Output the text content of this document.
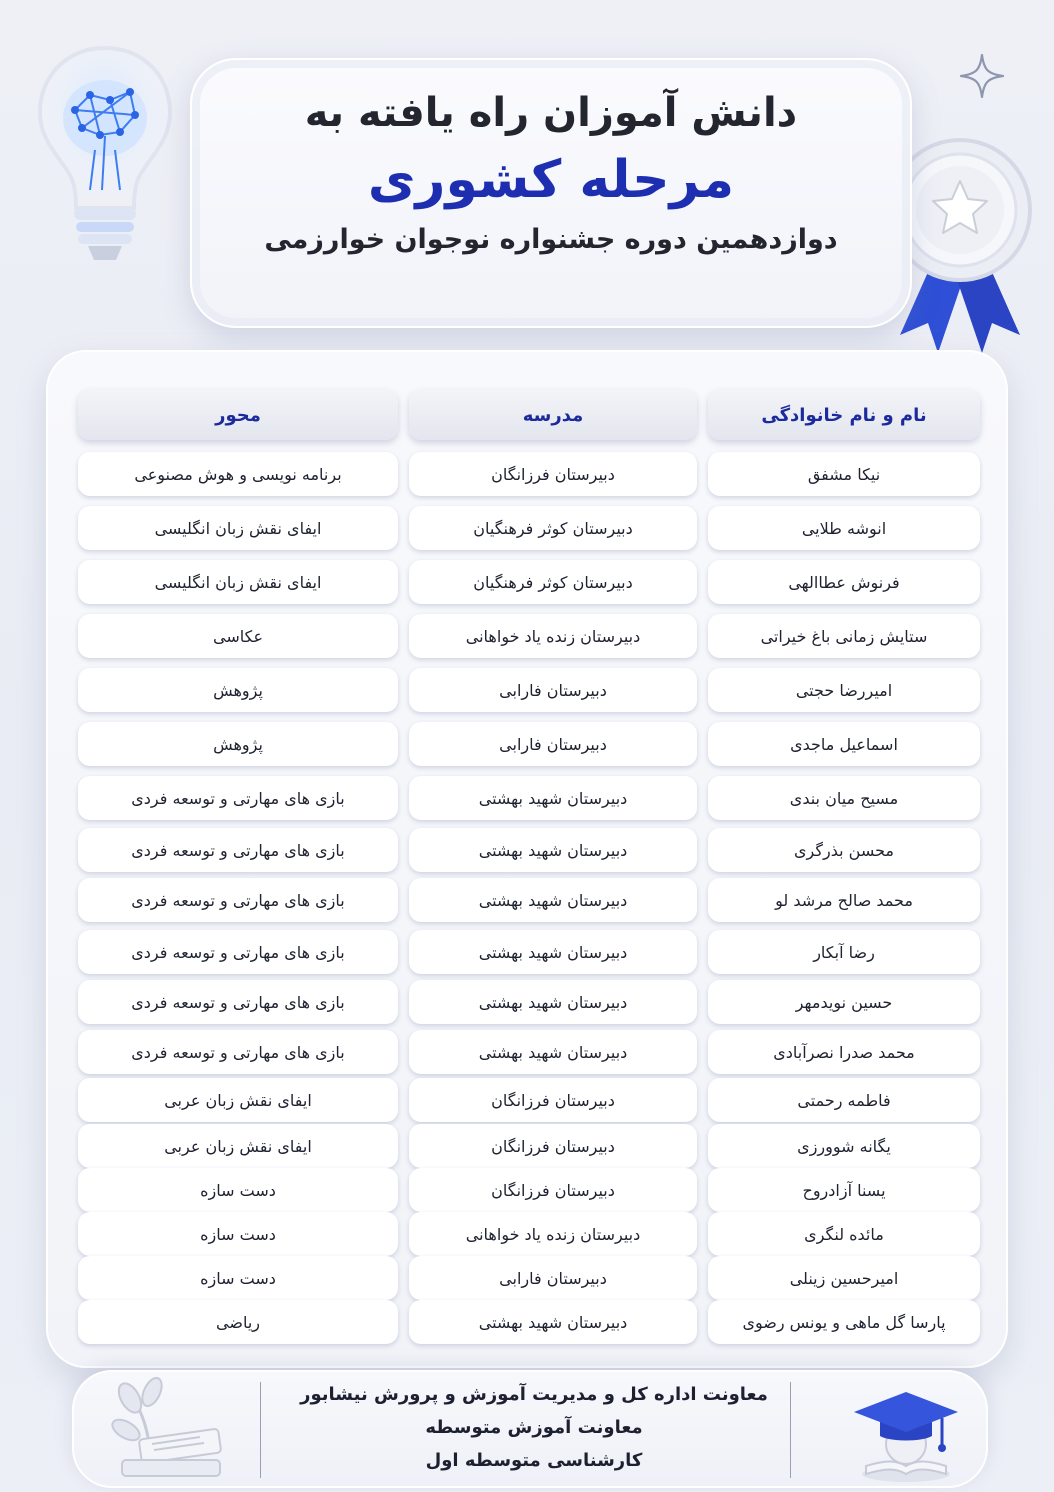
دانش آموزان راه یافته به
مرحله کشوری
دوازدهمین دوره جشنواره نوجوان خوارزمی
نام و نام خانوادگی
مدرسه
محور
نیکا مشفق
دبیرستان فرزانگان
برنامه نویسی و هوش مصنوعی
انوشه طلایی
دبیرستان کوثر فرهنگیان
ایفای نقش زبان انگلیسی
فرنوش عطاالهی
دبیرستان کوثر فرهنگیان
ایفای نقش زبان انگلیسی
ستایش زمانی باغ خیراتی
دبیرستان زنده یاد خواهانی
عکاسی
امیررضا حجتی
دبیرستان فارابی
پژوهش
اسماعیل ماجدی
دبیرستان فارابی
پژوهش
مسیح میان بندی
دبیرستان شهید بهشتی
بازی های مهارتی و توسعه فردی
محسن بذرگری
دبیرستان شهید بهشتی
بازی های مهارتی و توسعه فردی
محمد صالح مرشد لو
دبیرستان شهید بهشتی
بازی های مهارتی و توسعه فردی
رضا آبکار
دبیرستان شهید بهشتی
بازی های مهارتی و توسعه فردی
حسین نویدمهر
دبیرستان شهید بهشتی
بازی های مهارتی و توسعه فردی
محمد صدرا نصرآبادی
دبیرستان شهید بهشتی
بازی های مهارتی و توسعه فردی
فاطمه رحمتی
دبیرستان فرزانگان
ایفای نقش زبان عربی
یگانه شوورزی
دبیرستان فرزانگان
ایفای نقش زبان عربی
یسنا آزادروح
دبیرستان فرزانگان
دست سازه
مائده لنگری
دبیرستان زنده یاد خواهانی
دست سازه
امیرحسین زینلی
دبیرستان فارابی
دست سازه
پارسا گل ماهی و یونس رضوی
دبیرستان شهید بهشتی
ریاضی
معاونت اداره کل و مدیریت آموزش و پرورش نیشابور
معاونت آموزش متوسطه
کارشناسی متوسطه اول
